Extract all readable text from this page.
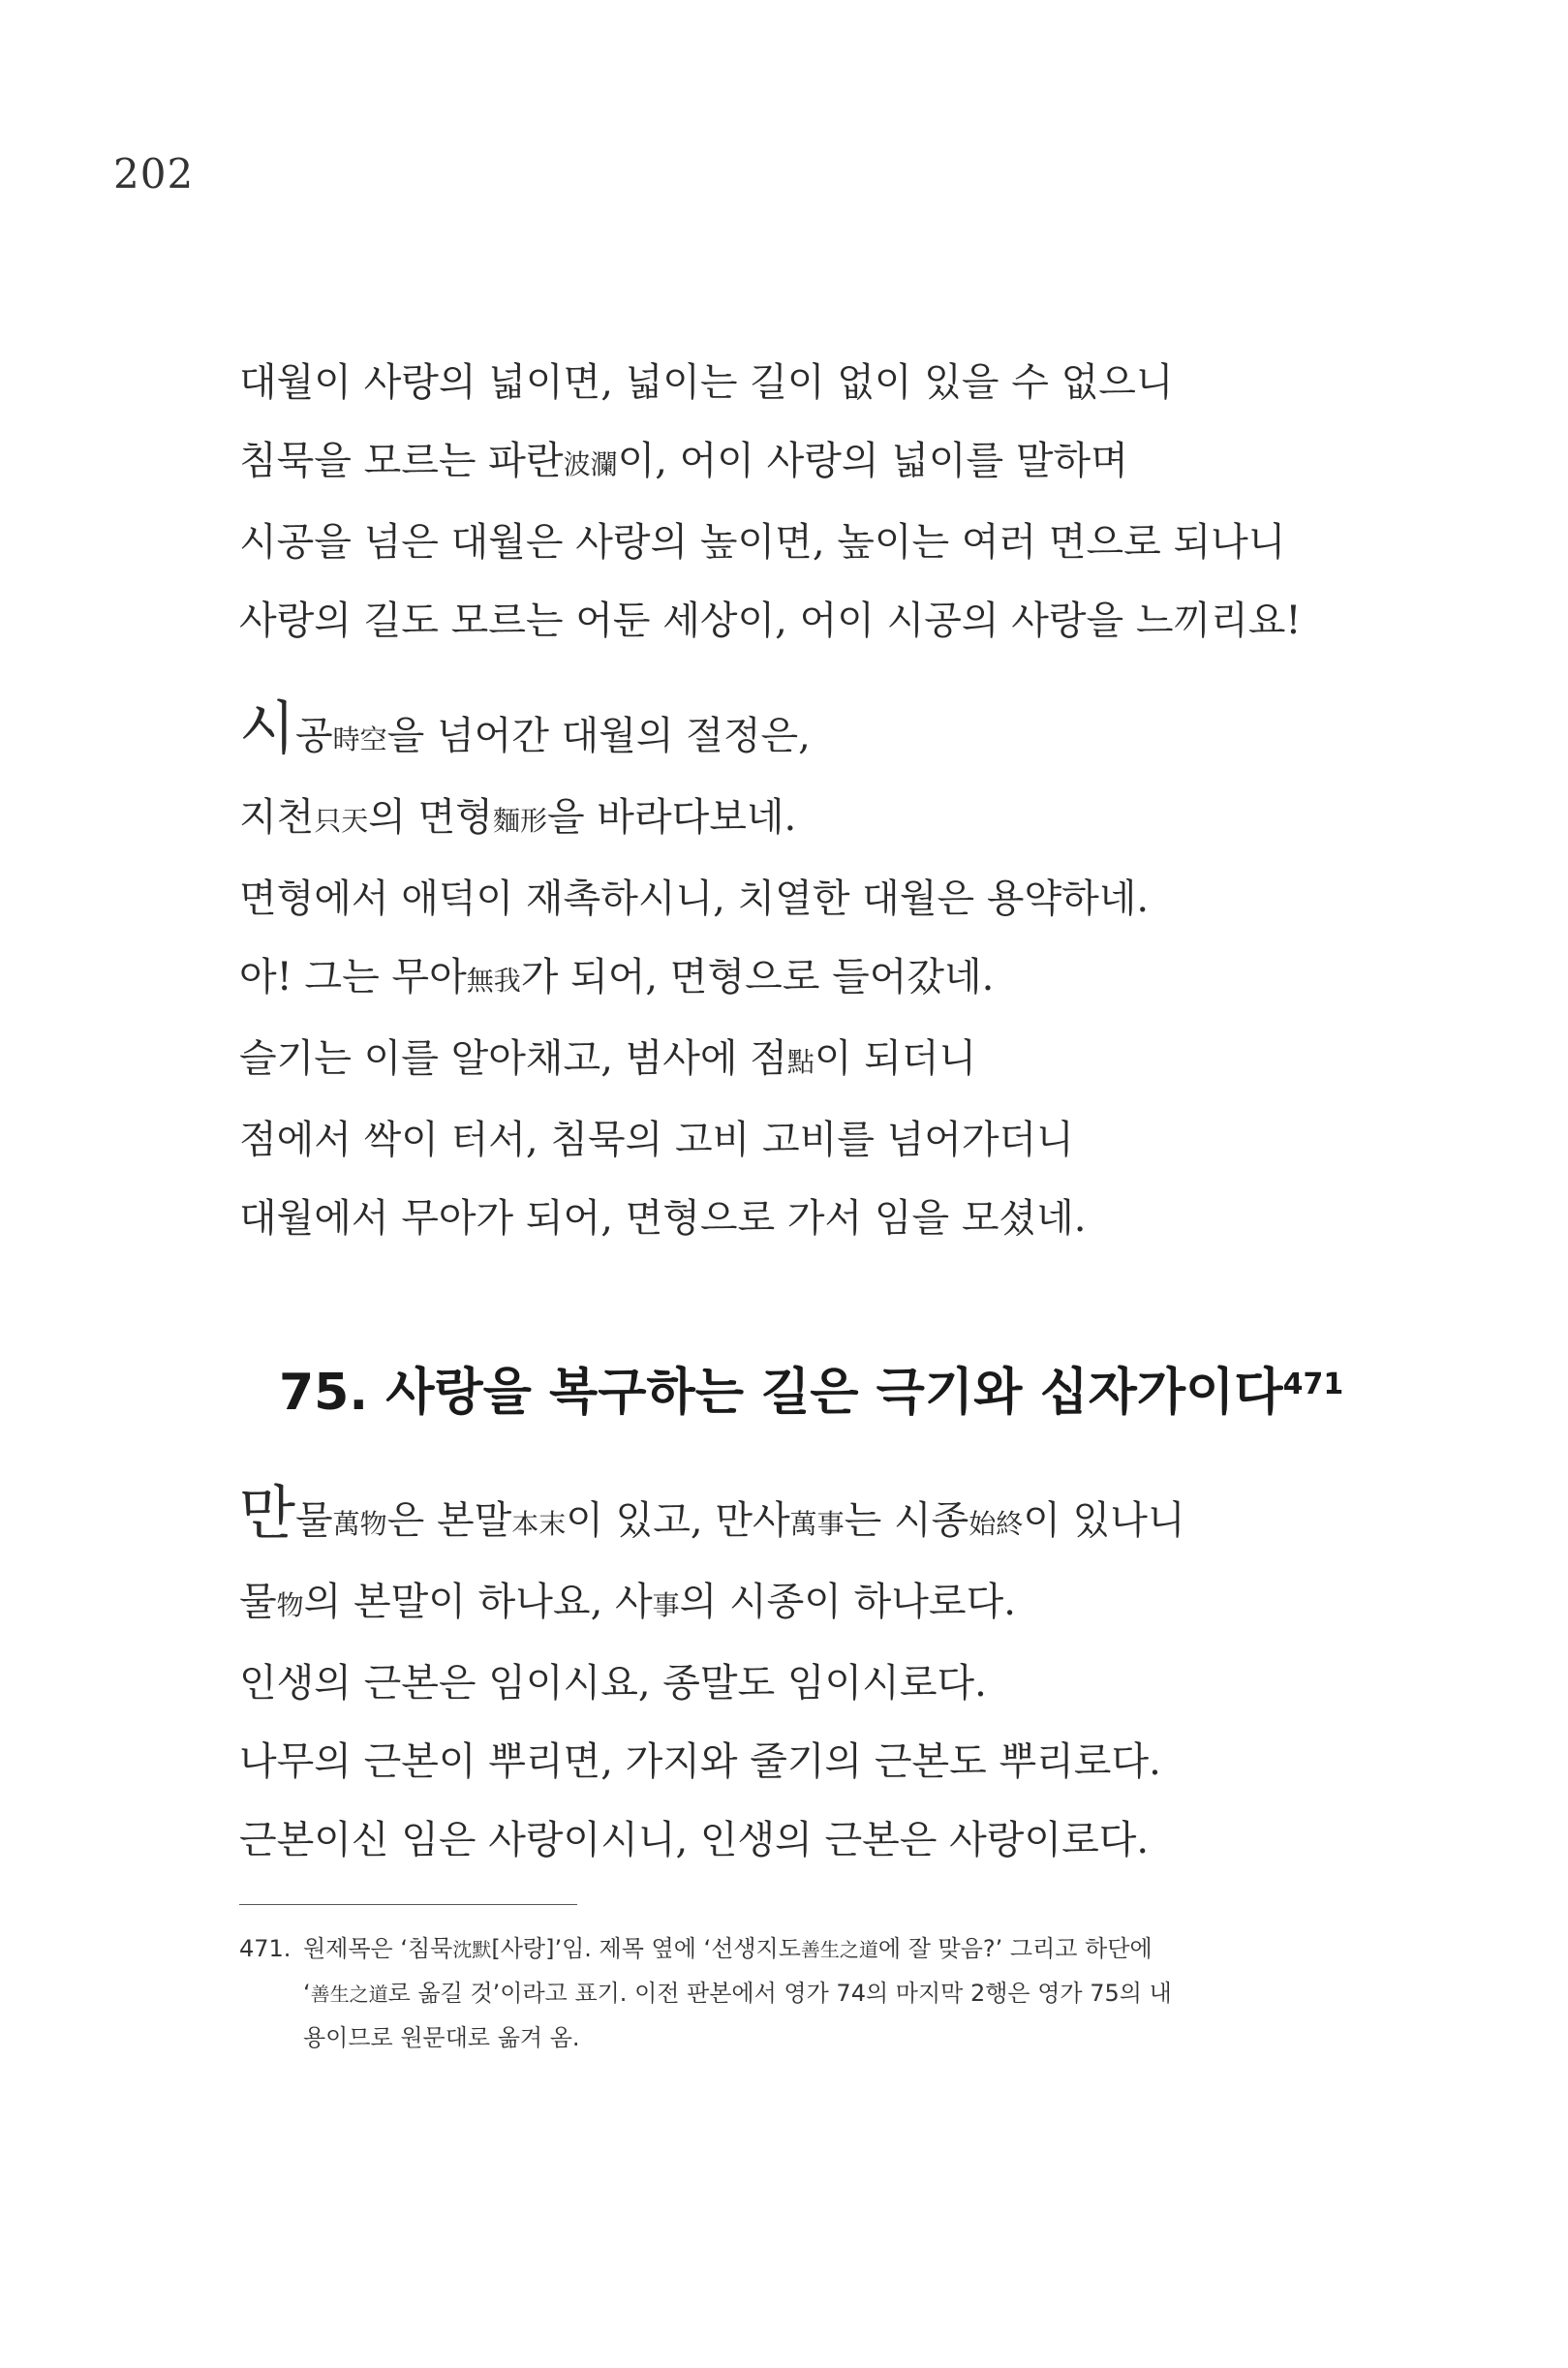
202
대월이 사랑의 넓이면, 넓이는 길이 없이 있을 수 없으니
침묵을 모르는 파란波瀾이, 어이 사랑의 넓이를 말하며
시공을 넘은 대월은 사랑의 높이면, 높이는 여러 면으로 되나니
사랑의 길도 모르는 어둔 세상이, 어이 시공의 사랑을 느끼리요!
시공時空을 넘어간 대월의 절정은,
지천只天의 면형麵形을 바라다보네.
면형에서 애덕이 재촉하시니, 치열한 대월은 용약하네.
아! 그는 무아無我가 되어, 면형으로 들어갔네.
슬기는 이를 알아채고, 범사에 점點이 되더니
점에서 싹이 터서, 침묵의 고비 고비를 넘어가더니
대월에서 무아가 되어, 면형으로 가서 임을 모셨네.
75. 사랑을 복구하는 길은 극기와 십자가이다$^{471}$
만물萬物은 본말本末이 있고, 만사萬事는 시종始終이 있나니
물物의 본말이 하나요, 사事의 시종이 하나로다.
인생의 근본은 임이시요, 종말도 임이시로다.
나무의 근본이 뿌리면, 가지와 줄기의 근본도 뿌리로다.
근본이신 임은 사랑이시니, 인생의 근본은 사랑이로다.
471. 원제목은 ‘침묵沈默[사랑]’임. 제목 옆에 ‘선생지도善生之道에 잘 맞음?’ 그리고 하단에
‘善生之道로 옮길 것’이라고 표기. 이전 판본에서 영가 74의 마지막 2행은 영가 75의 내
용이므로 원문대로 옮겨 옴.
